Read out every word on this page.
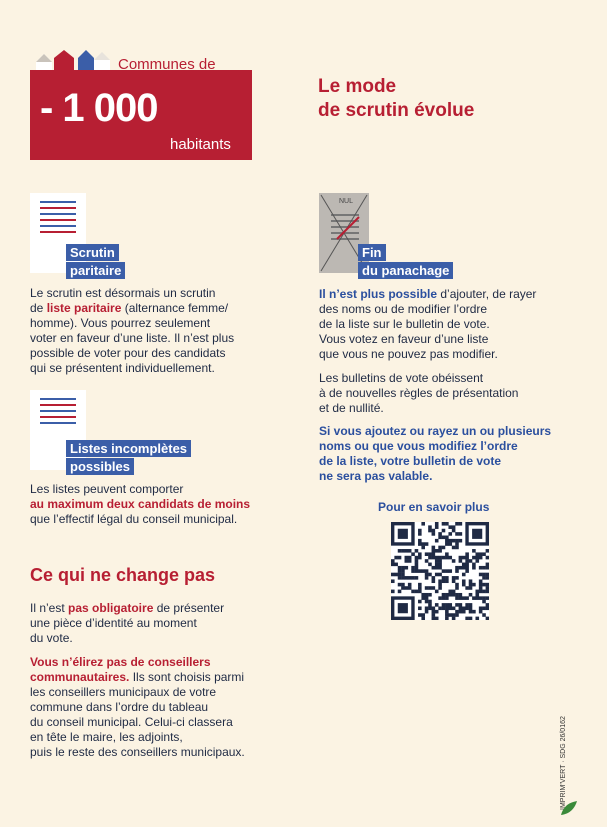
Communes de
- 1 000
habitants
Le mode
de scrutin évolue
Scrutin
paritaire
Le scrutin est désormais un scrutin
de liste paritaire (alternance femme/
homme). Vous pourrez seulement
voter en faveur d’une liste. Il n’est plus
possible de voter pour des candidats
qui se présentent individuellement.
Listes incomplètes
possibles
Les listes peuvent comporter
au maximum deux candidats de moins
que l’effectif légal du conseil municipal.
NUL
Fin
du panachage
Il n’est plus possible d’ajouter, de rayer
des noms ou de modifier l’ordre
de la liste sur le bulletin de vote.
Vous votez en faveur d’une liste
que vous ne pouvez pas modifier.
Les bulletins de vote obéissent
à de nouvelles règles de présentation
et de nullité.
Si vous ajoutez ou rayez un ou plusieurs
noms ou que vous modifiez l’ordre
de la liste, votre bulletin de vote
ne sera pas valable.
Pour en savoir plus
Ce qui ne change pas
Il n’est pas obligatoire de présenter
une pièce d’identité au moment
du vote.
Vous n’élirez pas de conseillers
communautaires. Ils sont choisis parmi
les conseillers municipaux de votre
commune dans l’ordre du tableau
du conseil municipal. Celui-ci classera
en tête le maire, les adjoints,
puis le reste des conseillers municipaux.	IMPRIM’VERT · SDG 26/0162
